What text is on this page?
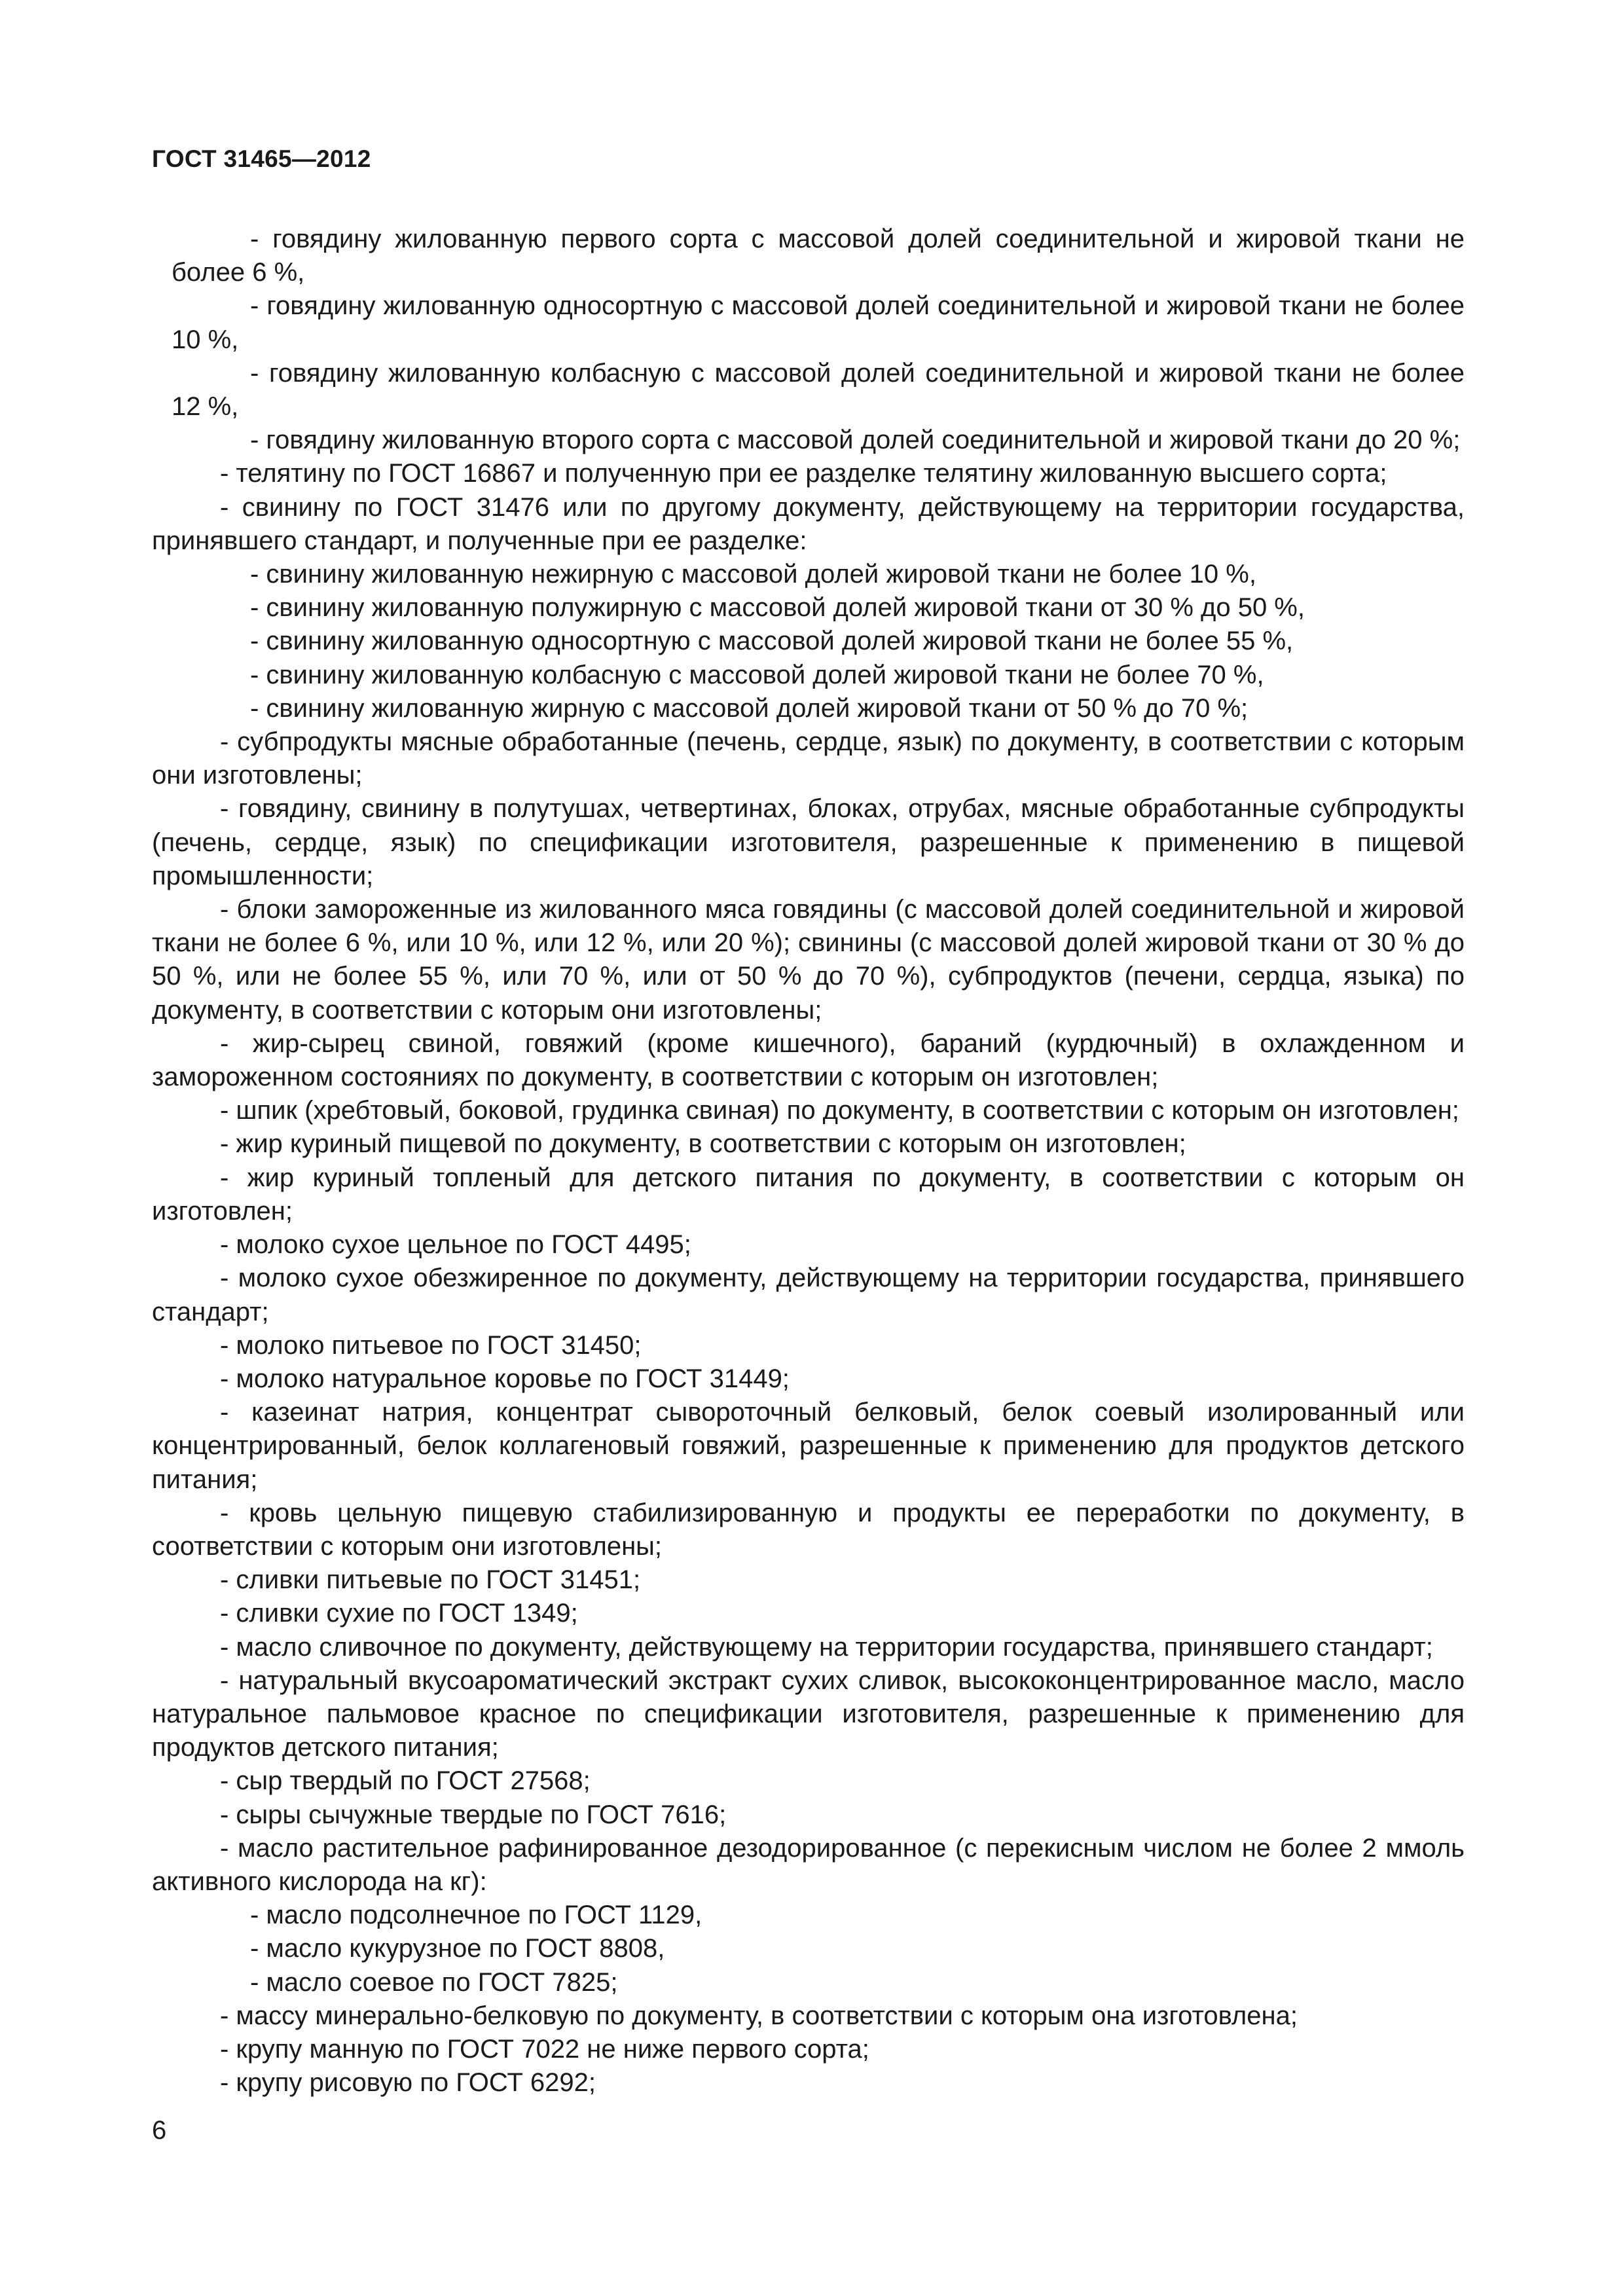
ГОСТ 31465—2012

- говядину жилованную первого сорта с массовой долей соединительной и жировой ткани не более 6 %,

- говядину жилованную односортную с массовой долей соединительной и жировой ткани не более 10 %,

- говядину жилованную колбасную с массовой долей соединительной и жировой ткани не более 12 %,

- говядину жилованную второго сорта с массовой долей соединительной и жировой ткани до 20 %;

- телятину по ГОСТ 16867 и полученную при ее разделке телятину жилованную высшего сорта;

- свинину по ГОСТ 31476 или по другому документу, действующему на территории государства, принявшего стандарт, и полученные при ее разделке:

- свинину жилованную нежирную с массовой долей жировой ткани не более 10 %,

- свинину жилованную полужирную с массовой долей жировой ткани от 30 % до 50 %,

- свинину жилованную односортную с массовой долей жировой ткани не более 55 %,

- свинину жилованную колбасную с массовой долей жировой ткани не более 70 %,

- свинину жилованную жирную с массовой долей жировой ткани от 50 % до 70 %;

- субпродукты мясные обработанные (печень, сердце, язык) по документу, в соответствии с которым они изготовлены;

- говядину, свинину в полутушах, четвертинах, блоках, отрубах, мясные обработанные субпродукты (печень, сердце, язык) по спецификации изготовителя, разрешенные к применению в пищевой промышленности;

- блоки замороженные из жилованного мяса говядины (с массовой долей соединительной и жировой ткани не более 6 %, или 10 %, или 12 %, или 20 %); свинины (с массовой долей жировой ткани от 30 % до 50 %, или не более 55 %, или 70 %, или от 50 % до 70 %), субпродуктов (печени, сердца, языка) по документу, в соответствии с которым они изготовлены;

- жир-сырец свиной, говяжий (кроме кишечного), бараний (курдючный) в охлажденном и замороженном состояниях по документу, в соответствии с которым он изготовлен;

- шпик (хребтовый, боковой, грудинка свиная) по документу, в соответствии с которым он изготовлен;

- жир куриный пищевой по документу, в соответствии с которым он изготовлен;

- жир куриный топленый для детского питания по документу, в соответствии с которым он изготовлен;

- молоко сухое цельное по ГОСТ 4495;

- молоко сухое обезжиренное по документу, действующему на территории государства, принявшего стандарт;

- молоко питьевое по ГОСТ 31450;

- молоко натуральное коровье по ГОСТ 31449;

- казеинат натрия, концентрат сывороточный белковый, белок соевый изолированный или концентрированный, белок коллагеновый говяжий, разрешенные к применению для продуктов детского питания;

- кровь цельную пищевую стабилизированную и продукты ее переработки по документу, в соответствии с которым они изготовлены;

- сливки питьевые по ГОСТ 31451;

- сливки сухие по ГОСТ 1349;

- масло сливочное по документу, действующему на территории государства, принявшего стандарт;

- натуральный вкусоароматический экстракт сухих сливок, высококонцентрированное масло, масло натуральное пальмовое красное по спецификации изготовителя, разрешенные к применению для продуктов детского питания;

- сыр твердый по ГОСТ 27568;

- сыры сычужные твердые по ГОСТ 7616;

- масло растительное рафинированное дезодорированное (с перекисным числом не более 2 ммоль активного кислорода на кг):

- масло подсолнечное по ГОСТ 1129,

- масло кукурузное по ГОСТ 8808,

- масло соевое по ГОСТ 7825;

- массу минерально-белковую по документу, в соответствии с которым она изготовлена;

- крупу манную по ГОСТ 7022 не ниже первого сорта;

- крупу рисовую по ГОСТ 6292;

6
